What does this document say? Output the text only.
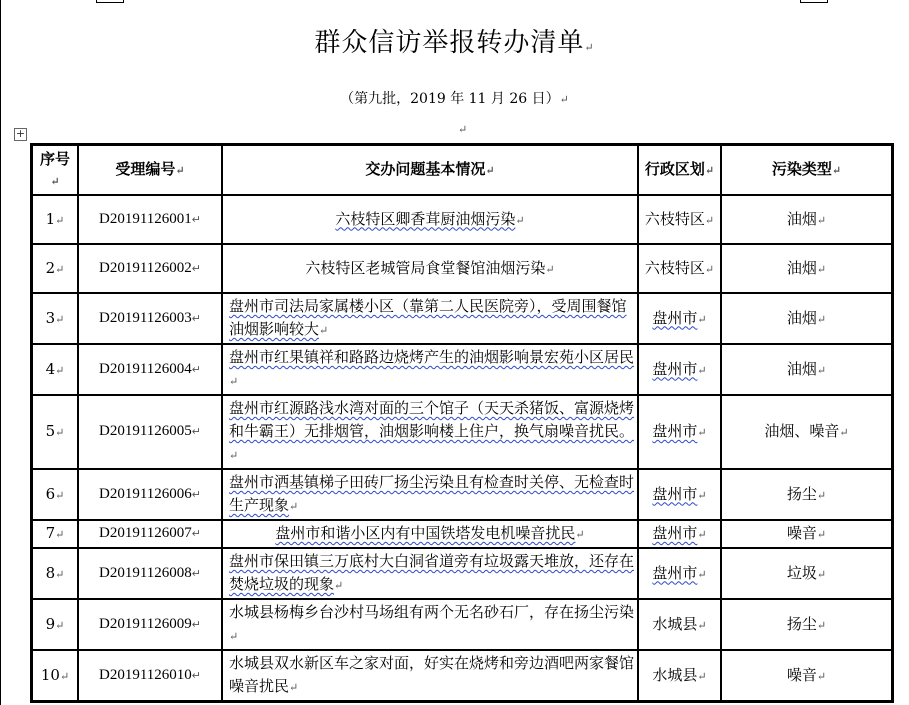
群众信访举报转办清单↵
（第九批，2019 年 11 月 26 日）↵
↵
+
序号↵	受理编号↵	交办问题基本情况↵	行政区划↵	污染类型↵
1↵	D20191126001↵	六枝特区卿香茸厨油烟污染↵	六枝特区↵	油烟↵
2↵	D20191126002↵	六枝特区老城管局食堂餐馆油烟污染↵	六枝特区↵	油烟↵
3↵	D20191126003↵	盘州市司法局家属楼小区（靠第二人民医院旁），受周围餐馆油烟影响较大↵	盘州市↵	油烟↵
4↵	D20191126004↵	盘州市红果镇祥和路路边烧烤产生的油烟影响景宏苑小区居民↵	盘州市↵	油烟↵
5↵	D20191126005↵	盘州市红源路浅水湾对面的三个馆子（天天杀猪饭、富源烧烤和牛霸王）无排烟管，油烟影响楼上住户，换气扇噪音扰民。↵	盘州市↵	油烟、噪音↵
6↵	D20191126006↵	盘州市洒基镇梯子田砖厂扬尘污染且有检查时关停、无检查时生产现象↵	盘州市↵	扬尘↵
7↵	D20191126007↵	盘州市和谐小区内有中国铁塔发电机噪音扰民↵	盘州市↵	噪音↵
8↵	D20191126008↵	盘州市保田镇三万底村大白洞省道旁有垃圾露天堆放，还存在焚烧垃圾的现象↵	盘州市↵	垃圾↵
9↵	D20191126009↵	水城县杨梅乡台沙村马场组有两个无名砂石厂，存在扬尘污染↵	水城县↵	扬尘↵
10↵	D20191126010↵	水城县双水新区车之家对面，好实在烧烤和旁边酒吧两家餐馆噪音扰民↵	水城县↵	噪音↵
